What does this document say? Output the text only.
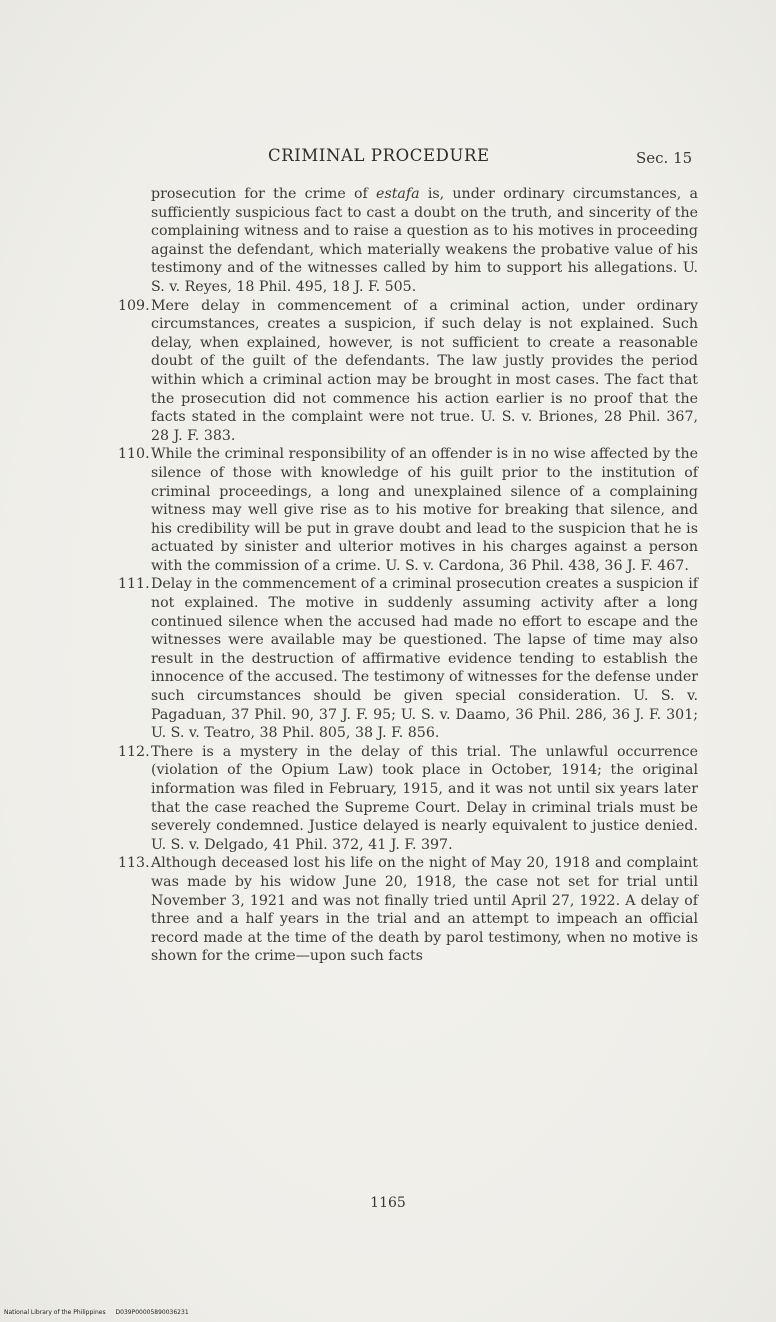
CRIMINAL PROCEDURE	Sec. 15

prosecution for the crime of estafa is, under ordinary circumstances, a sufficiently suspicious fact to cast a doubt on the truth, and sincerity of the complaining witness and to raise a question as to his motives in proceeding against the defendant, which materially weakens the probative value of his testimony and of the witnesses called by him to support his allegations. U. S. v. Reyes, 18 Phil. 495, 18 J. F. 505.

109. Mere delay in commencement of a criminal action, under ordinary circumstances, creates a suspicion, if such delay is not explained. Such delay, when explained, however, is not sufficient to create a reasonable doubt of the guilt of the defendants. The law justly provides the period within which a criminal action may be brought in most cases. The fact that the prosecution did not commence his action earlier is no proof that the facts stated in the complaint were not true. U. S. v. Briones, 28 Phil. 367, 28 J. F. 383.
110. While the criminal responsibility of an offender is in no wise affected by the silence of those with knowledge of his guilt prior to the institution of criminal proceedings, a long and unexplained silence of a complaining witness may well give rise as to his motive for breaking that silence, and his credibility will be put in grave doubt and lead to the suspicion that he is actuated by sinister and ulterior motives in his charges against a person with the commission of a crime. U. S. v. Cardona, 36 Phil. 438, 36 J. F. 467.
111. Delay in the commencement of a criminal prosecution creates a suspicion if not explained. The motive in suddenly assuming activity after a long continued silence when the accused had made no effort to escape and the witnesses were available may be questioned. The lapse of time may also result in the destruction of affirmative evidence tending to establish the innocence of the accused. The testimony of witnesses for the defense under such circumstances should be given special consideration. U. S. v. Pagaduan, 37 Phil. 90, 37 J. F. 95; U. S. v. Daamo, 36 Phil. 286, 36 J. F. 301; U. S. v. Teatro, 38 Phil. 805, 38 J. F. 856.
112. There is a mystery in the delay of this trial. The unlawful occurrence (violation of the Opium Law) took place in October, 1914; the original information was filed in February, 1915, and it was not until six years later that the case reached the Supreme Court. Delay in criminal trials must be severely condemned. Justice delayed is nearly equivalent to justice denied. U. S. v. Delgado, 41 Phil. 372, 41 J. F. 397.
113. Although deceased lost his life on the night of May 20, 1918 and complaint was made by his widow June 20, 1918, the case not set for trial until November 3, 1921 and was not finally tried until April 27, 1922. A delay of three and a half years in the trial and an attempt to impeach an official record made at the time of the death by parol testimony, when no motive is shown for the crime—upon such facts
1165
National Library of the Philippines D039P00005890036231
